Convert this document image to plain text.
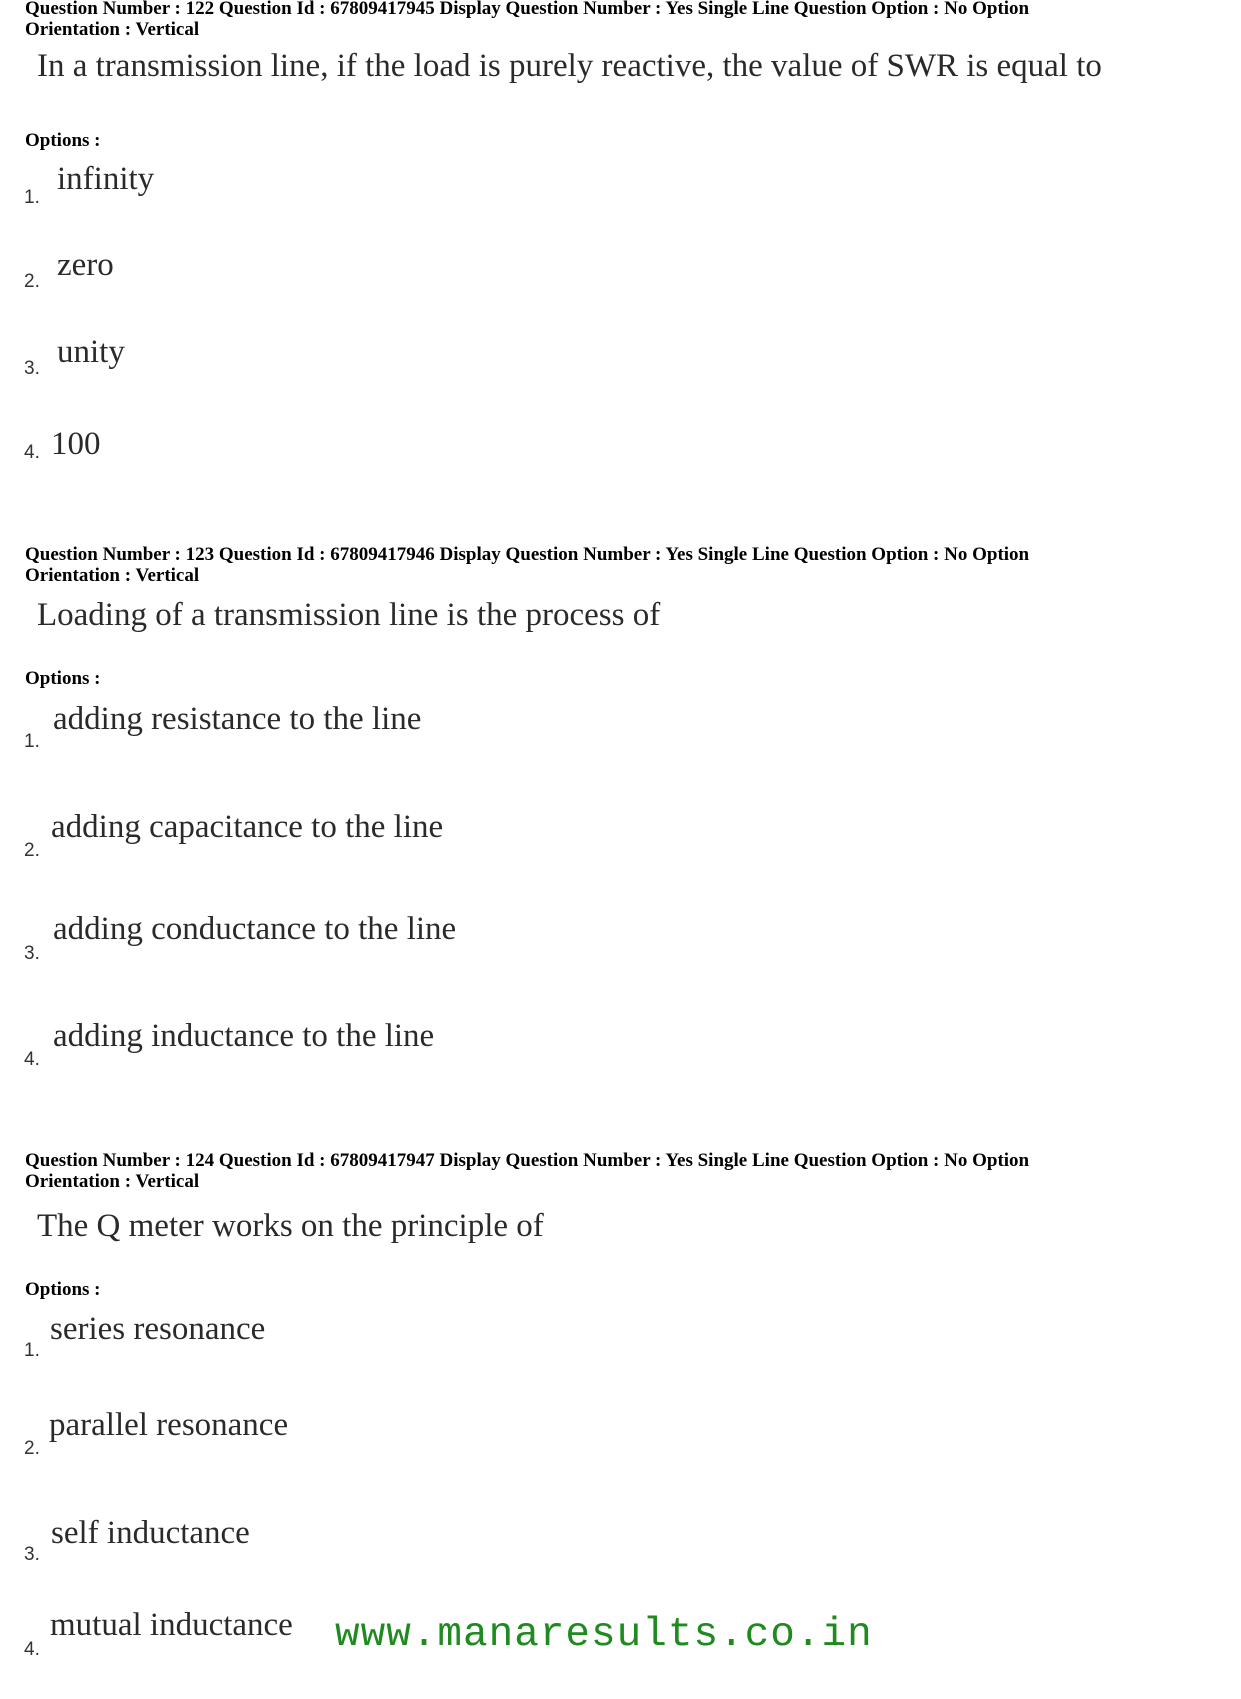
Question Number : 122 Question Id : 67809417945 Display Question Number : Yes Single Line Question Option : No Option
Orientation : Vertical
In a transmission line, if the load is purely reactive, the value of SWR is equal to
Options :
1.
infinity
2. zero
3. unity
4. 100
Question Number : 123 Question Id : 67809417946 Display Question Number : Yes Single Line Question Option : No Option
Orientation : Vertical
Loading of a transmission line is the process of
Options :
1.
adding resistance to the line
2.
adding capacitance to the line
3.
adding conductance to the line
4.
adding inductance to the line
Question Number : 124 Question Id : 67809417947 Display Question Number : Yes Single Line Question Option : No Option
Orientation : Vertical
The Q meter works on the principle of
Options :
1.
series resonance
2.
parallel resonance
3.
self inductance
4.
mutual inductance www.manaresults.co.in
